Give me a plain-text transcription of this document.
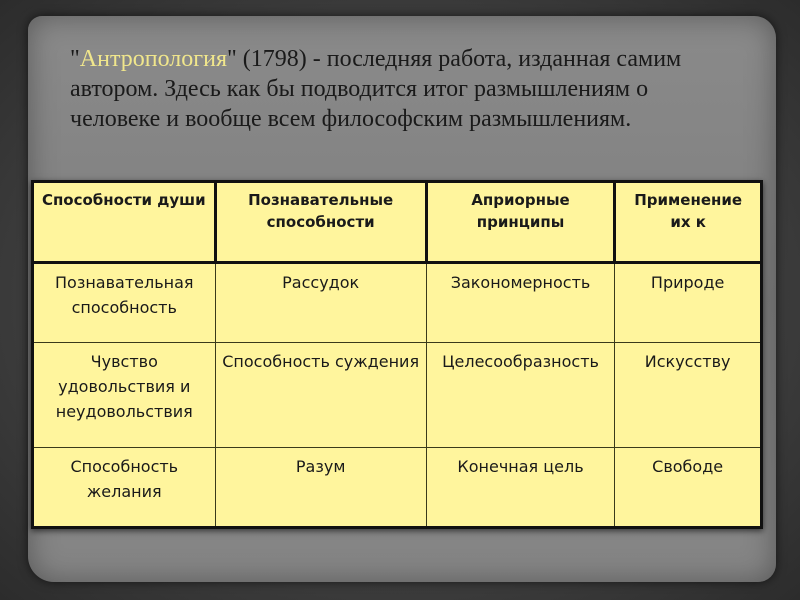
"Антропология" (1798) - последняя работа, изданная самим
автором. Здесь как бы подводится итог размышлениям о
человеке и вообще всем философским размышлениям.
Способности души	Познавательные способности	Априорные принципы	Применение их к
Познавательная способность	Рассудок	Закономерность	Природе
Чувство удовольствия и неудовольствия	Способность суждения	Целесообразность	Искусству
Способность желания	Разум	Конечная цель	Свободе
